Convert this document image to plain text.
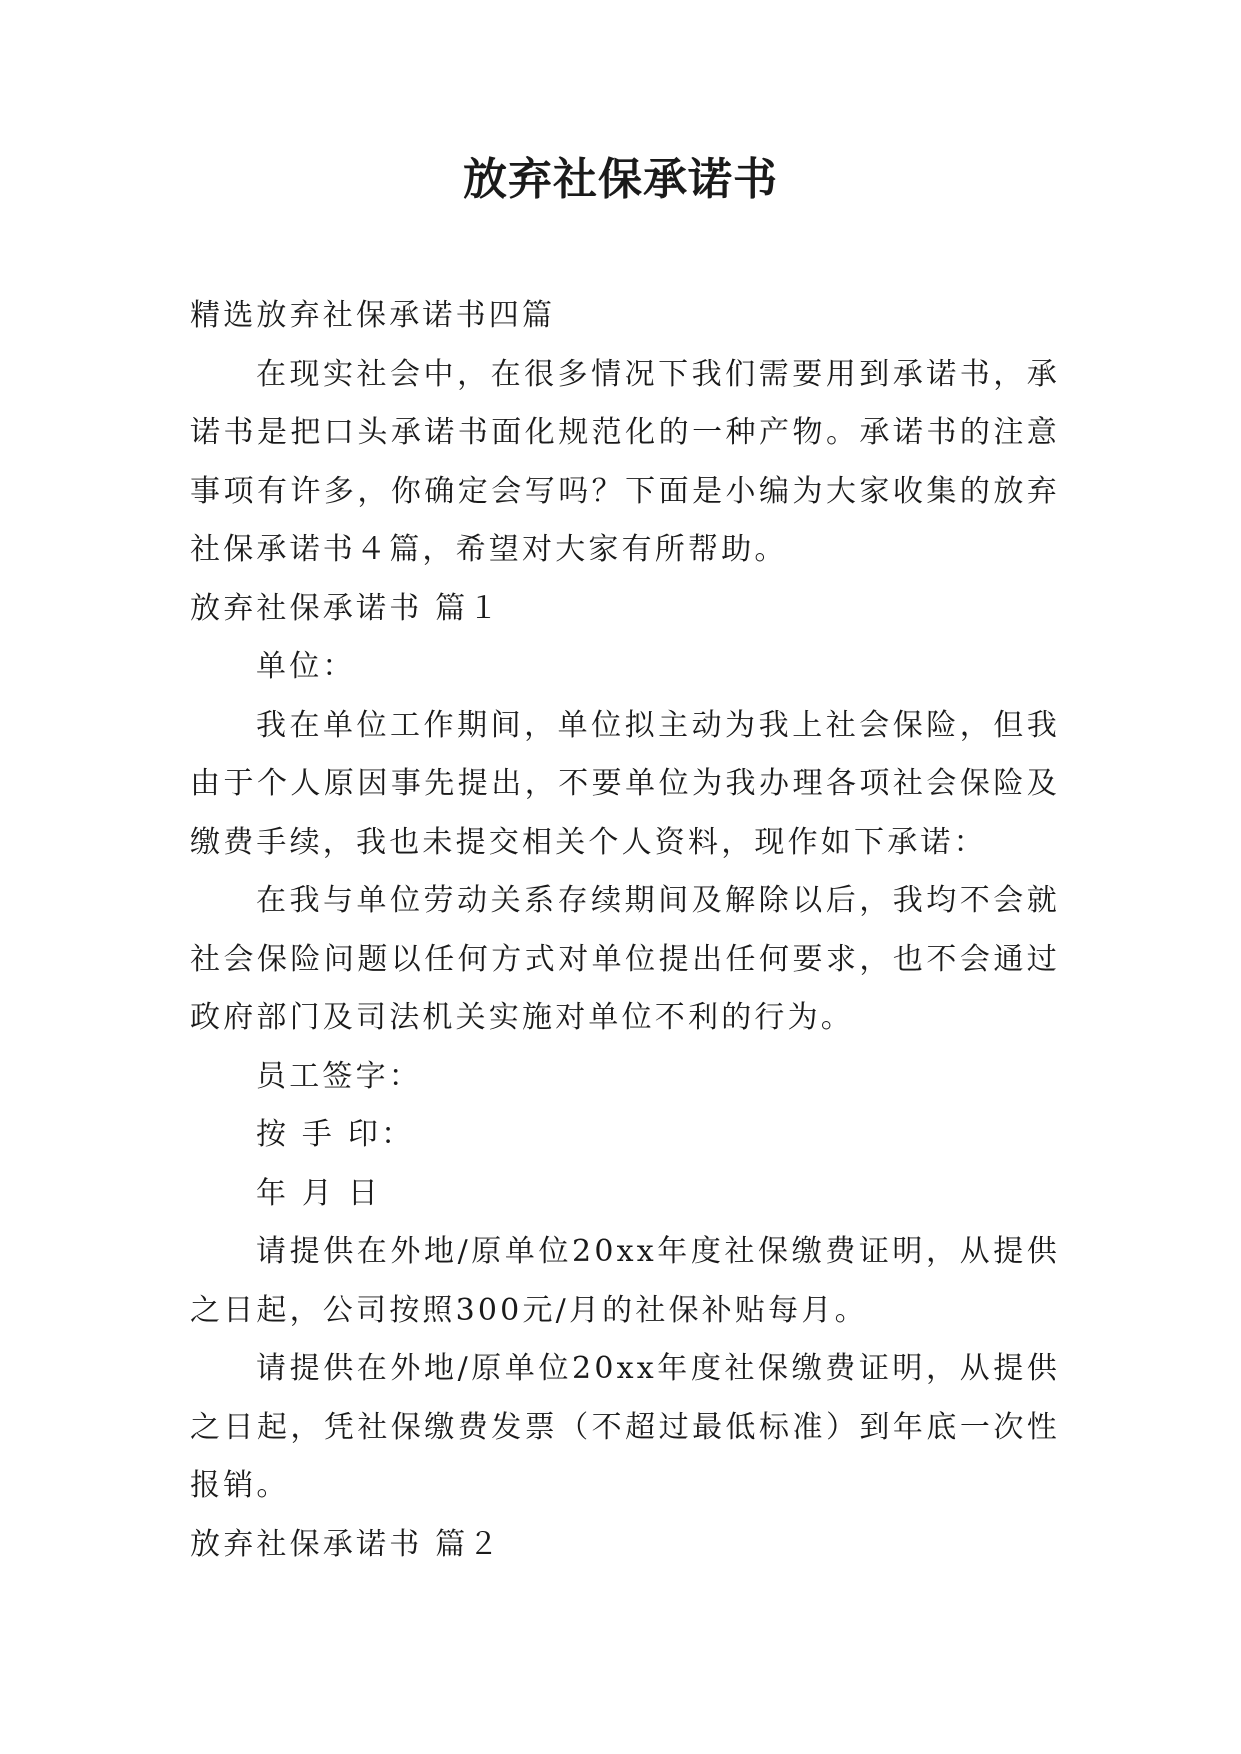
放弃社保承诺书

精选放弃社保承诺书四篇

在现实社会中，在很多情况下我们需要用到承诺书，承诺书是把口头承诺书面化规范化的一种产物。承诺书的注意事项有许多，你确定会写吗？下面是小编为大家收集的放弃社保承诺书４篇，希望对大家有所帮助。

放弃社保承诺书 篇１

单位：

我在单位工作期间，单位拟主动为我上社会保险，但我由于个人原因事先提出，不要单位为我办理各项社会保险及缴费手续，我也未提交相关个人资料，现作如下承诺：

在我与单位劳动关系存续期间及解除以后，我均不会就社会保险问题以任何方式对单位提出任何要求，也不会通过政府部门及司法机关实施对单位不利的行为。

员工签字：

按 手 印：

年 月 日

请提供在外地/原单位20xx年度社保缴费证明，从提供之日起，公司按照300元/月的社保补贴每月。

请提供在外地/原单位20xx年度社保缴费证明，从提供之日起，凭社保缴费发票（不超过最低标准）到年底一次性报销。

放弃社保承诺书 篇２
